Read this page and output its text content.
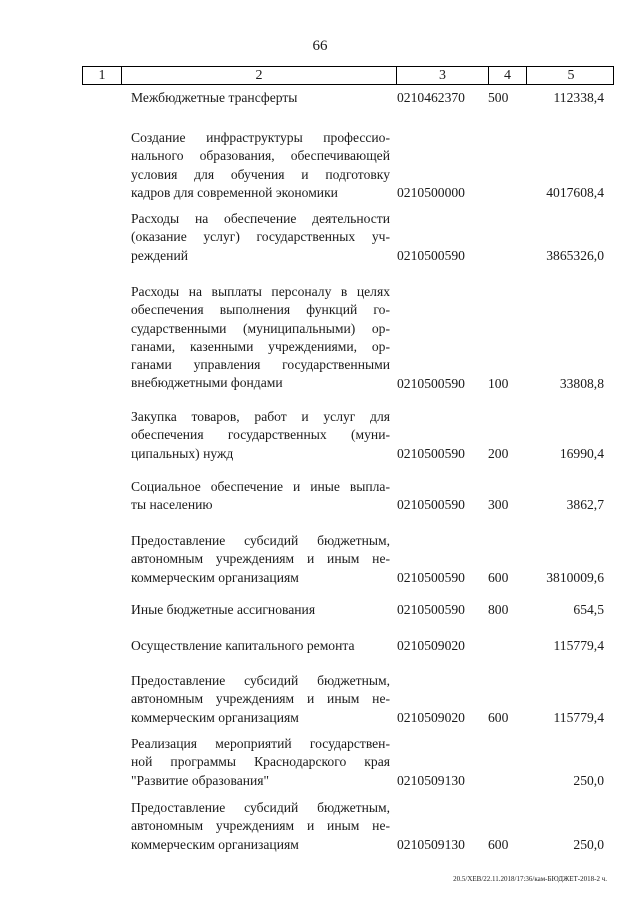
66
1	2	3	4	5
Межбюджетные трансферты	0210462370 500	112338,4
Создание инфраструктуры профессио-
нального образования, обеспечивающей
условия для обучения и подготовку
кадров для современной экономики	0210500000	4017608,4
Расходы на обеспечение деятельности
(оказание услуг) государственных уч-
реждений	0210500590	3865326,0
Расходы на выплаты персоналу в целях
обеспечения выполнения функций го-
сударственными (муниципальными) ор-
ганами, казенными учреждениями, ор-
ганами управления государственными
внебюджетными фондами	0210500590 100	33808,8
Закупка товаров, работ и услуг для
обеспечения государственных (муни-
ципальных) нужд	0210500590 200	16990,4
Социальное обеспечение и иные выпла-
ты населению	0210500590 300	3862,7
Предоставление субсидий бюджетным,
автономным учреждениям и иным не-
коммерческим организациям	0210500590 600	3810009,6
Иные бюджетные ассигнования	0210500590 800	654,5
Осуществление капитального ремонта	0210509020	115779,4
Предоставление субсидий бюджетным,
автономным учреждениям и иным не-
коммерческим организациям	0210509020 600	115779,4
Реализация мероприятий государствен-
ной программы Краснодарского края
"Развитие образования"	0210509130	250,0
Предоставление субсидий бюджетным,
автономным учреждениям и иным не-
коммерческим организациям	0210509130 600	250,0
20.5/ХЕВ/22.11.2018/17:36/кам-БЮДЖЕТ-2018-2 ч.
